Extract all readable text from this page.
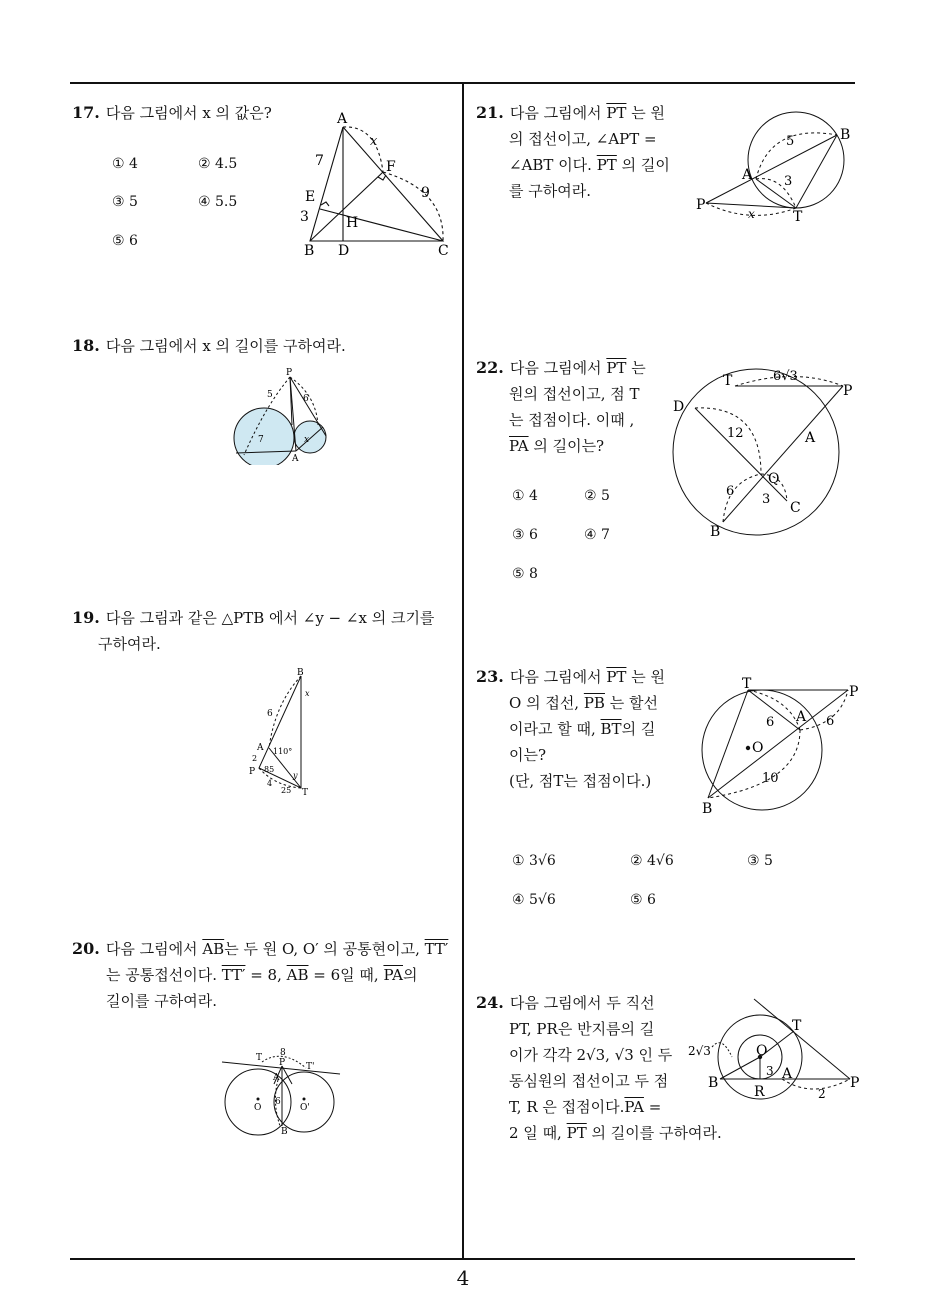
4
17. 다음 그림에서 x 의 값은?
① 4	② 4.5
③ 5	④ 5.5
⑤ 6
A
B D	C
E
F
H
x
7
3
9
18. 다음 그림에서 x 의 길이를 구하여라.
P
A
5	6
7	x
19. 다음 그림과 같은 △PTB 에서 ∠y − ∠x 의 크기를
구하여라.
B
A
P
T
x
y
6
2
4
110°
85
25
20. 다음 그림에서 $\overline{AB}$는 두 원 O, O′ 의 공통현이고, TT′
는 공통접선이다. TT′ = 8, $\overline{AB} = 6$일 때, $\overline{PA}$의
길이를 구하여라.
T P T'
8
A
6
O	O'
B
21. 다음 그림에서 $\overline{PT}$ 는 원
의 접선이고, ∠APT =
∠ABT 이다. $\overline{PT}$ 의 길이
를 구하여라.
B
A
P
T
5
3
x
22. 다음 그림에서 $\overline{PT}$ 는
원의 접선이고, 점 T
는 접점이다. 이때 ,
$\overline{PA}$ 의 길이는?
① 4	② 5
③ 6	④ 7
⑤ 8
T
P
D
A
Q
B
C
12
6
3
6√3
23. 다음 그림에서 $\overline{PT}$ 는 원
O 의 접선, $\overline{PB}$ 는 할선
이라고 할 때, $\overline{BT}$의 길
이는?
(단, 점T는 접점이다.)
① 3√6	② 4√6	③ 5
④ 5√6	⑤ 6
T	P
A
O
B
6	6
10
24. 다음 그림에서 두 직선
PT, PR은 반지름의 길
이가 각각 2√3, √3 인 두
동심원의 접선이고 두 점
T, R 은 접점이다$.\overline{PA}$ =
2 일 때, $\overline{PT}$ 의 길이를 구하여라.
T
O
B
A
P
R
2√3
3
2
